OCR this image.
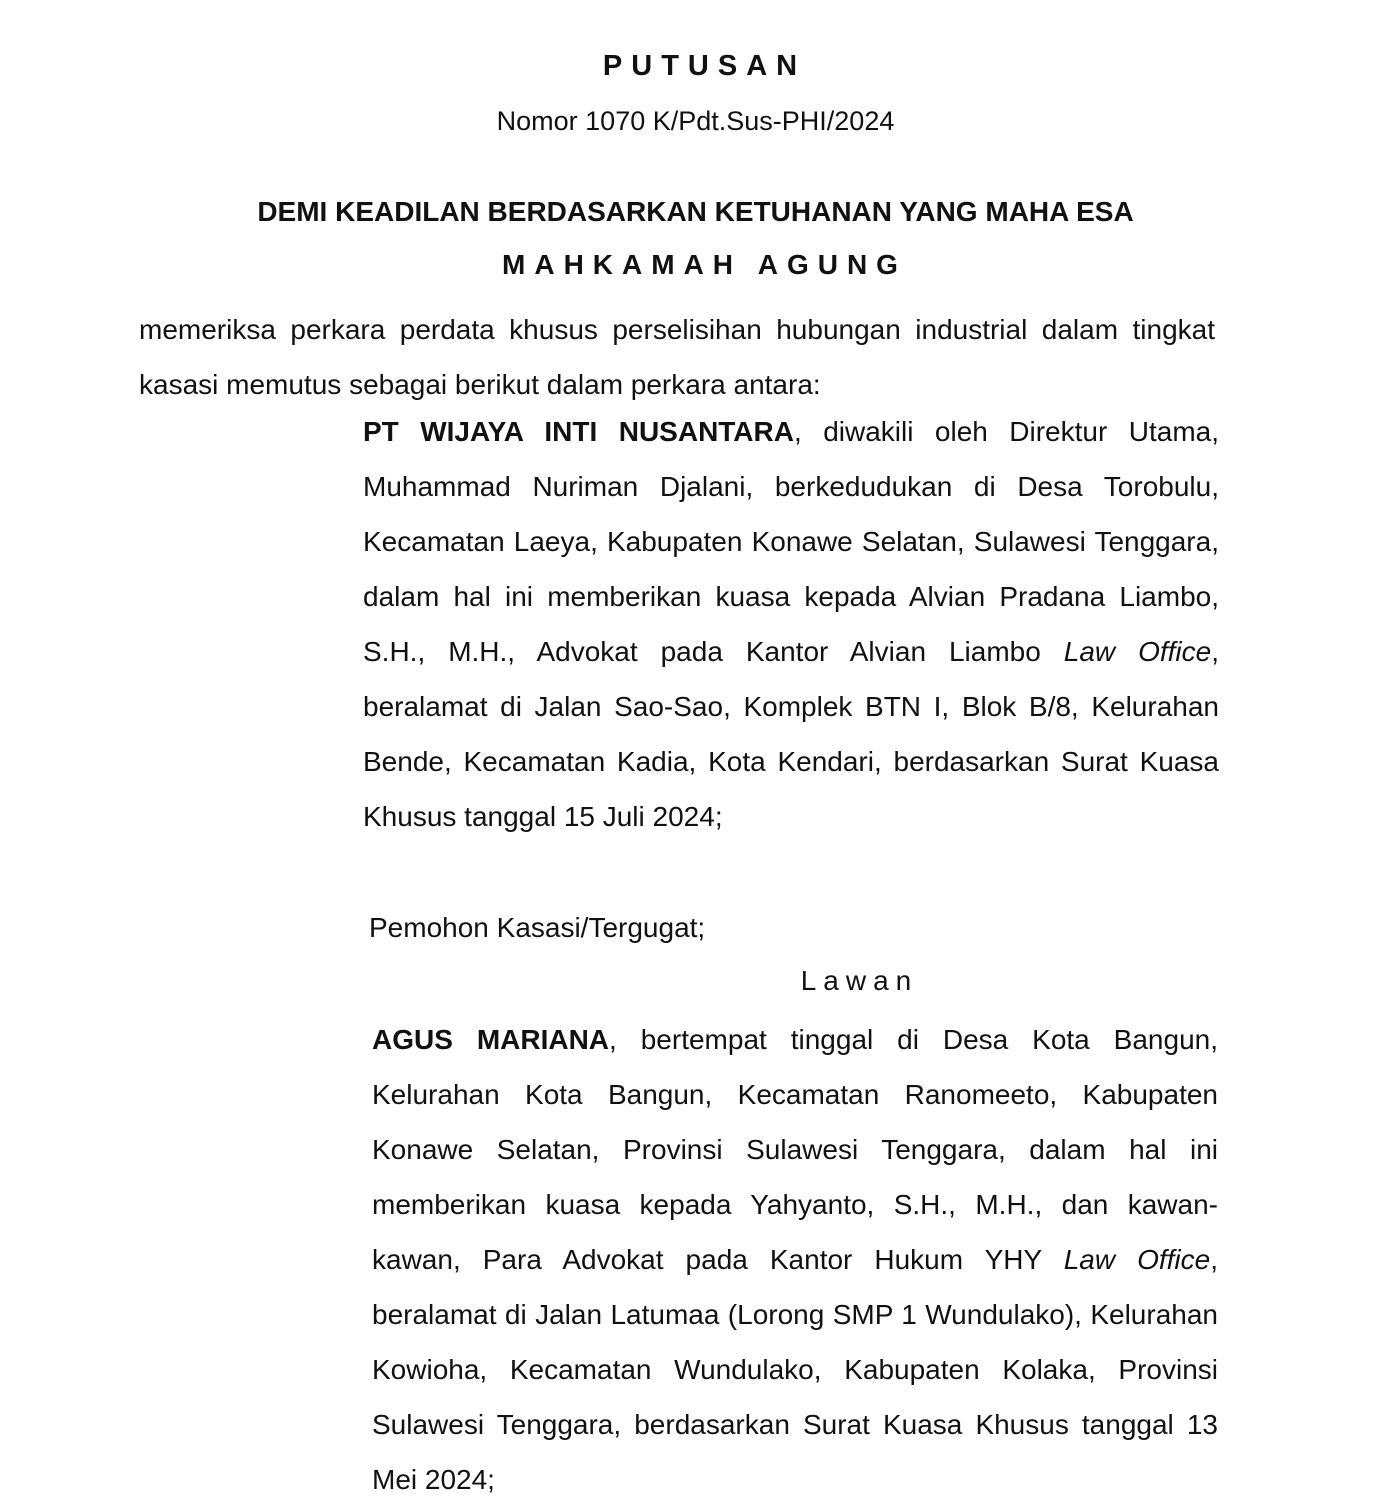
PUTUSAN
Nomor 1070 K/Pdt.Sus-PHI/2024
DEMI KEADILAN BERDASARKAN KETUHANAN YANG MAHA ESA
MAHKAMAH AGUNG
memeriksa perkara perdata khusus perselisihan hubungan industrial dalam tingkat kasasi memutus sebagai berikut dalam perkara antara:

PT WIJAYA INTI NUSANTARA, diwakili oleh Direktur Utama, Muhammad Nuriman Djalani, berkedudukan di Desa Torobulu, Kecamatan Laeya, Kabupaten Konawe Selatan, Sulawesi Tenggara, dalam hal ini memberikan kuasa kepada Alvian Pradana Liambo, S.H., M.H., Advokat pada Kantor Alvian Liambo Law Office, beralamat di Jalan Sao-Sao, Komplek BTN I, Blok B/8, Kelurahan Bende, Kecamatan Kadia, Kota Kendari, berdasarkan Surat Kuasa Khusus tanggal 15 Juli 2024;

Pemohon Kasasi/Tergugat;
Lawan

AGUS MARIANA, bertempat tinggal di Desa Kota Bangun, Kelurahan Kota Bangun, Kecamatan Ranomeeto, Kabupaten Konawe Selatan, Provinsi Sulawesi Tenggara, dalam hal ini memberikan kuasa kepada Yahyanto, S.H., M.H., dan kawan-kawan, Para Advokat pada Kantor Hukum YHY Law Office, beralamat di Jalan Latumaa (Lorong SMP 1 Wundulako), Kelurahan Kowioha, Kecamatan Wundulako, Kabupaten Kolaka, Provinsi Sulawesi Tenggara, berdasarkan Surat Kuasa Khusus tanggal 13 Mei 2024;
